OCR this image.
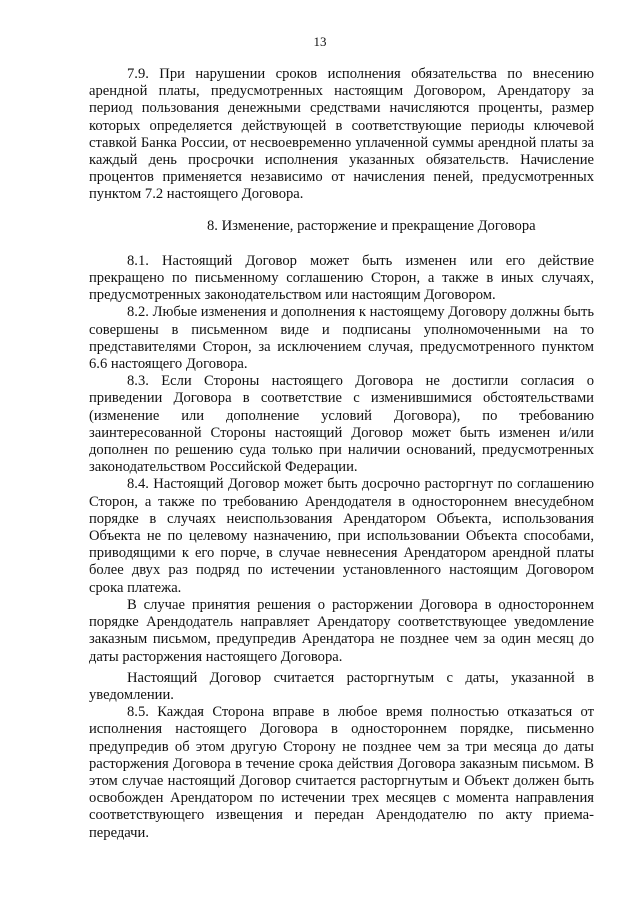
13

7.9. При нарушении сроков исполнения обязательства по внесению арендной платы, предусмотренных настоящим Договором, Арендатору за период пользования денежными средствами начисляются проценты, размер которых определяется действующей в соответствующие периоды ключевой ставкой Банка России, от несвоевременно уплаченной суммы арендной платы за каждый день просрочки исполнения указанных обязательств. Начисление процентов применяется независимо от начисления пеней, предусмотренных пунктом 7.2 настоящего Договора.

8. Изменение, расторжение и прекращение Договора

8.1. Настоящий Договор может быть изменен или его действие прекращено по письменному соглашению Сторон, а также в иных случаях, предусмотренных законодательством или настоящим Договором.

8.2. Любые изменения и дополнения к настоящему Договору должны быть совершены в письменном виде и подписаны уполномоченными на то представителями Сторон, за исключением случая, предусмотренного пунктом 6.6 настоящего Договора.

8.3. Если Стороны настоящего Договора не достигли согласия о приведении Договора в соответствие с изменившимися обстоятельствами (изменение или дополнение условий Договора), по требованию заинтересованной Стороны настоящий Договор может быть изменен и/или дополнен по решению суда только при наличии оснований, предусмотренных законодательством Российской Федерации.

8.4. Настоящий Договор может быть досрочно расторгнут по соглашению Сторон, а также по требованию Арендодателя в одностороннем внесудебном порядке в случаях неиспользования Арендатором Объекта, использования Объекта не по целевому назначению, при использовании Объекта способами, приводящими к его порче, в случае невнесения Арендатором арендной платы более двух раз подряд по истечении установленного настоящим Договором срока платежа.

В случае принятия решения о расторжении Договора в одностороннем порядке Арендодатель направляет Арендатору соответствующее уведомление заказным письмом, предупредив Арендатора не позднее чем за один месяц до даты расторжения настоящего Договора.

Настоящий Договор считается расторгнутым с даты, указанной в уведомлении.

8.5. Каждая Сторона вправе в любое время полностью отказаться от исполнения настоящего Договора в одностороннем порядке, письменно предупредив об этом другую Сторону не позднее чем за три месяца до даты расторжения Договора в течение срока действия Договора заказным письмом. В этом случае настоящий Договор считается расторгнутым и Объект должен быть освобожден Арендатором по истечении трех месяцев с момента направления соответствующего извещения и передан Арендодателю по акту приема-передачи.
